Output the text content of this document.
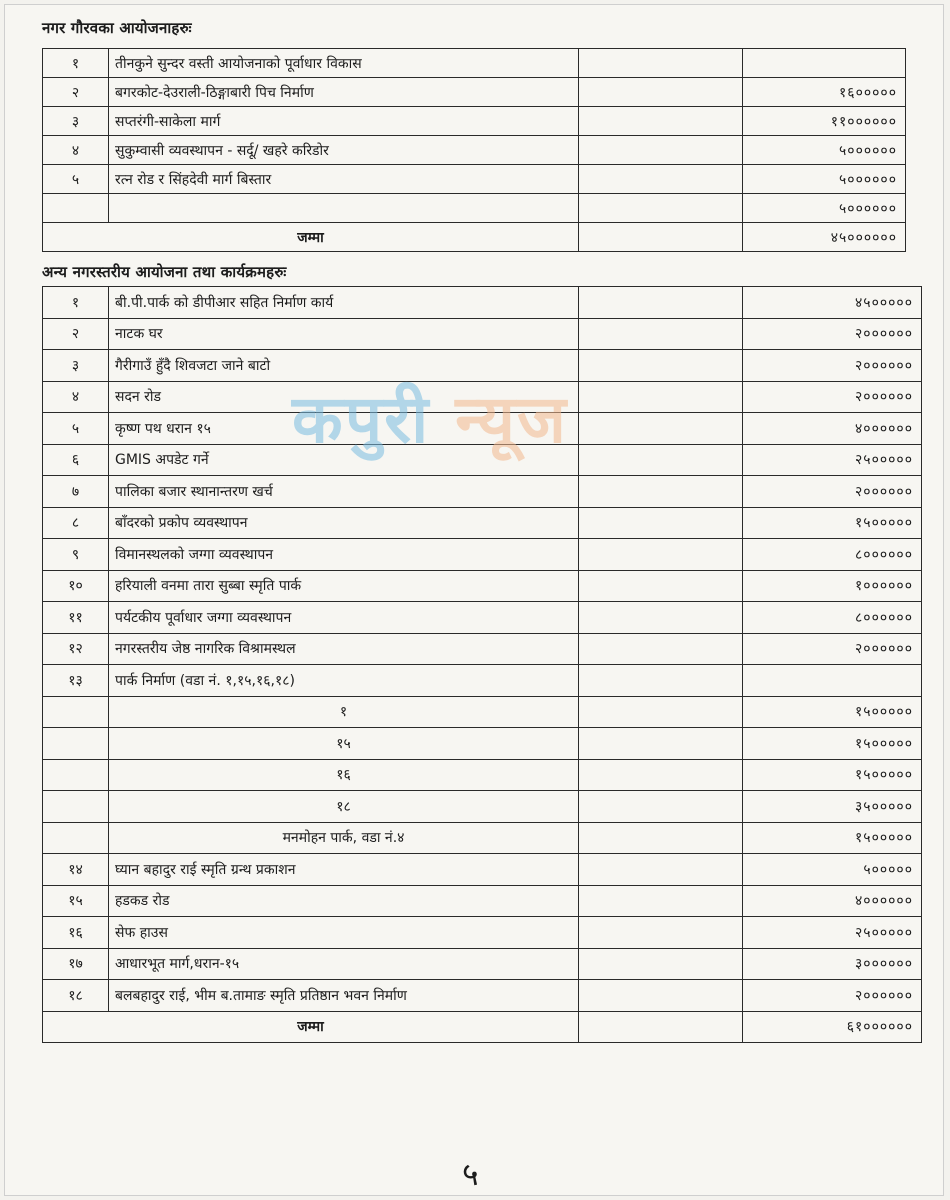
नगर गौरवका आयोजनाहरुः
१	तीनकुने सुन्दर वस्ती आयोजनाको पूर्वाधार विकास		
२	बगरकोट-देउराली-ठिङ्गाबारी पिच निर्माण		१६०००००
३	सप्तरंगी-साकेला मार्ग		११००००००
४	सुकुम्वासी व्यवस्थापन - सर्दू/ खहरे करिडोर		५००००००
५	रत्न रोड र सिंहदेवी मार्ग बिस्तार		५००००००
			५००००००
जम्मा			४५००००००
अन्य नगरस्तरीय आयोजना तथा कार्यक्रमहरुः
१	बी.पी.पार्क को डीपीआर सहित निर्माण कार्य		४५०००००
२	नाटक घर		२००००००
३	गैरीगाउँ हुँदै शिवजटा जाने बाटो		२००००००
४	सदन रोड		२००००००
५	कृष्ण पथ धरान १५		४००००००
६	GMIS अपडेट गर्ने		२५०००००
७	पालिका बजार स्थानान्तरण खर्च		२००००००
८	बाँदरको प्रकोप व्यवस्थापन		१५०००००
९	विमानस्थलको जग्गा व्यवस्थापन		८००००००
१०	हरियाली वनमा तारा सुब्बा स्मृति पार्क		१००००००
११	पर्यटकीय पूर्वाधार जग्गा व्यवस्थापन		८००००००
१२	नगरस्तरीय जेष्ठ नागरिक विश्रामस्थल		२००००००
१३	पार्क निर्माण (वडा नं. १,१५,१६,१८)		
	१		१५०००००
	१५		१५०००००
	१६		१५०००००
	१८		३५०००००
	मनमोहन पार्क, वडा नं.४		१५०००००
१४	घ्यान बहादुर राई स्मृति ग्रन्थ प्रकाशन		५०००००
१५	हडकड रोड		४००००००
१६	सेफ हाउस		२५०००००
१७	आधारभूत मार्ग,धरान-१५		३००००००
१८	बलबहादुर राई, भीम ब.तामाङ स्मृति प्रतिष्ठान भवन निर्माण		२००००००
जम्मा			६१००००००
कपुरी न्यूज
५
